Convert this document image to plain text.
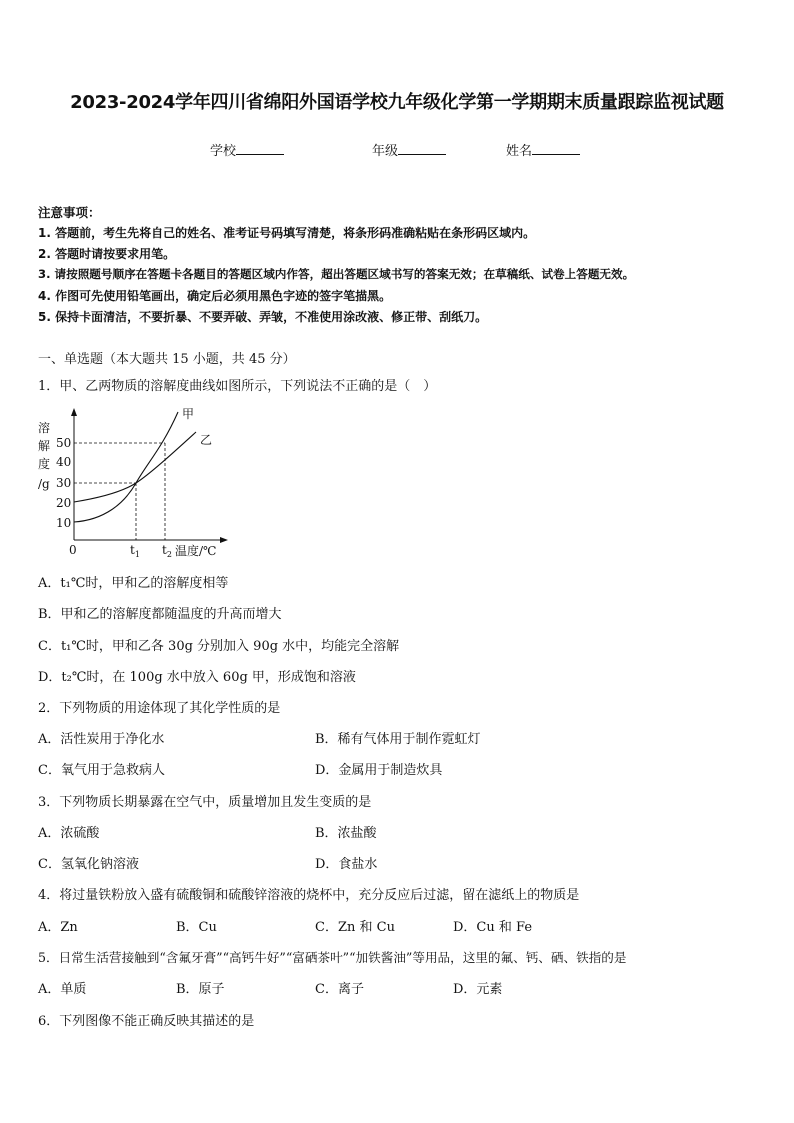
2023-2024学年四川省绵阳外国语学校九年级化学第一学期期末质量跟踪监视试题
学校	年级	姓名
注意事项：
1. 答题前，考生先将自己的姓名、准考证号码填写清楚，将条形码准确粘贴在条形码区域内。
2. 答题时请按要求用笔。
3. 请按照题号顺序在答题卡各题目的答题区域内作答，超出答题区域书写的答案无效；在草稿纸、试卷上答题无效。
4. 作图可先使用铅笔画出，确定后必须用黑色字迹的签字笔描黑。
5. 保持卡面清洁，不要折暴、不要弄破、弄皱，不准使用涂改液、修正带、刮纸刀。
一、单选题（本大题共 15 小题，共 45 分）
1．甲、乙两物质的溶解度曲线如图所示，下列说法不正确的是（　）
溶
解
度
/g
50
40
30
20
10
0	$t_1$ $t_2$ 温度/℃
甲
乙
A．t₁℃时，甲和乙的溶解度相等
B．甲和乙的溶解度都随温度的升高而增大
C．t₁℃时，甲和乙各 30g 分别加入 90g 水中，均能完全溶解
D．t₂℃时，在 100g 水中放入 60g 甲，形成饱和溶液
2．下列物质的用途体现了其化学性质的是
A．活性炭用于净化水	B．稀有气体用于制作霓虹灯
C．氧气用于急救病人	D．金属用于制造炊具
3．下列物质长期暴露在空气中，质量增加且发生变质的是
A．浓硫酸	B．浓盐酸
C．氢氧化钠溶液	D．食盐水
4．将过量铁粉放入盛有硫酸铜和硫酸锌溶液的烧杯中，充分反应后过滤，留在滤纸上的物质是
A．Zn	B．Cu	C．Zn 和 Cu	D．Cu 和 Fe
5．日常生活营接触到“含氟牙膏”“高钙牛好”“富硒茶叶”“加铁酱油”等用品，这里的氟、钙、硒、铁指的是
A．单质	B．原子	C．离子	D．元素
6．下列图像不能正确反映其描述的是
